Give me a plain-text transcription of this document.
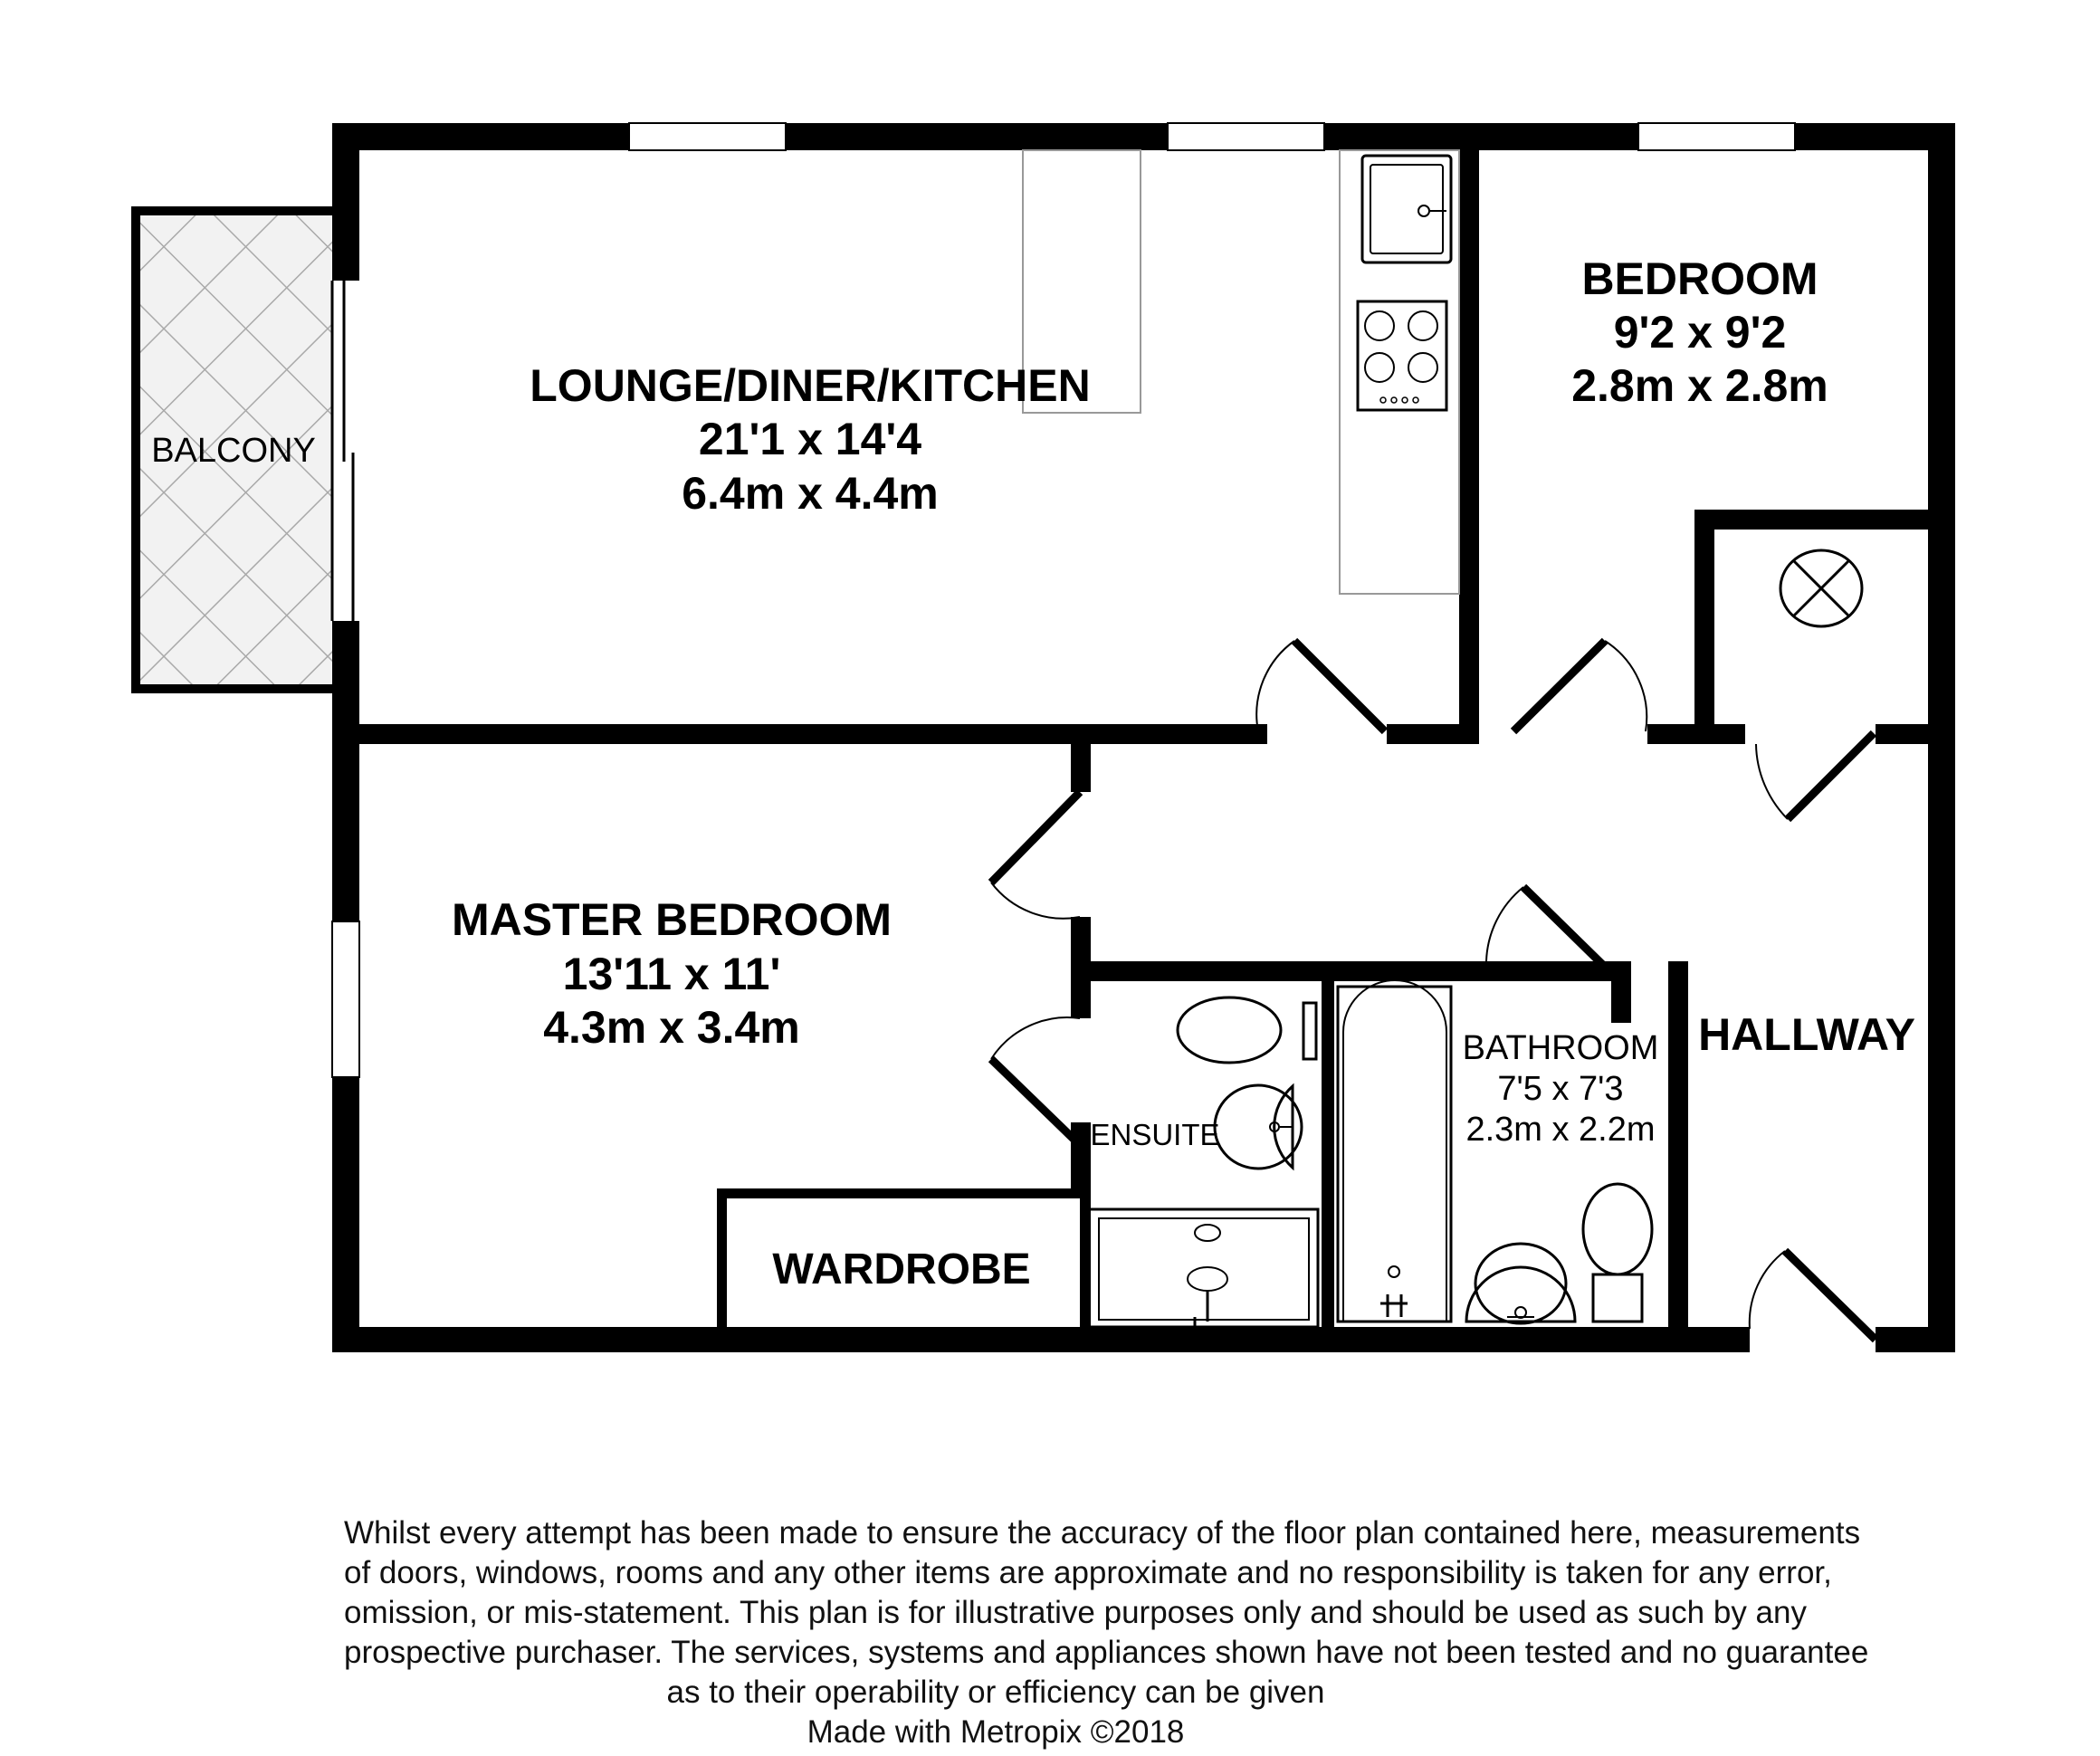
BALCONY
LOUNGE/DINER/KITCHEN
21'1 x 14'4
6.4m x 4.4m
BEDROOM
9'2 x 9'2
2.8m x 2.8m
MASTER BEDROOM
13'11 x 11'
4.3m x 3.4m	BATHROOM
7'5 x 7'3
2.3m x 2.2m
HALLWAY
ENSUITE
WARDROBE
Whilst every attempt has been made to ensure the accuracy of the floor plan contained here, measurements
of doors, windows, rooms and any other items are approximate and no responsibility is taken for any error,
omission, or mis-statement. This plan is for illustrative purposes only and should be used as such by any
prospective purchaser. The services, systems and appliances shown have not been tested and no guarantee
as to their operability or efficiency can be given
Made with Metropix ©2018
